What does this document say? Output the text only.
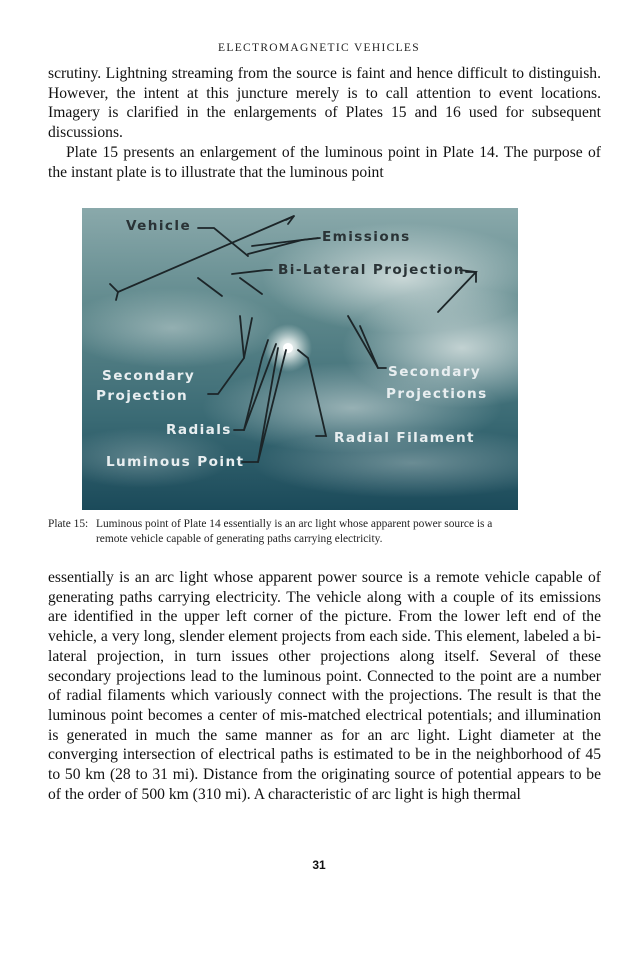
ELECTROMAGNETIC VEHICLES
scrutiny. Lightning streaming from the source is faint and hence difficult to distinguish. However, the intent at this juncture merely is to call attention to event locations. Imagery is clarified in the enlargements of Plates 15 and 16 used for subsequent discussions.
Plate 15 presents an enlargement of the luminous point in Plate 14. The purpose of the instant plate is to illustrate that the luminous point
Vehicle
Emissions
Bi-Lateral Projection
Secondary
Projection
Secondary
Projections
Radials	Radial Filament
Luminous Point
Plate 15: Luminous point of Plate 14 essentially is an arc light whose apparent power source is a
remote vehicle capable of generating paths carrying electricity.
essentially is an arc light whose apparent power source is a remote vehicle capable of generating paths carrying electricity. The vehicle along with a couple of its emissions are identified in the upper left corner of the picture. From the lower left end of the vehicle, a very long, slender element projects from each side. This element, labeled a bi-lateral projection, in turn issues other projections along itself. Several of these secondary projections lead to the luminous point. Connected to the point are a number of radial filaments which variously connect with the projections. The result is that the luminous point becomes a center of mis-matched electrical potentials; and illumination is generated in much the same manner as for an arc light. Light diameter at the converging intersection of electrical paths is estimated to be in the neighborhood of 45 to 50 km (28 to 31 mi). Distance from the originating source of potential appears to be of the order of 500 km (310 mi). A characteristic of arc light is high thermal
31
